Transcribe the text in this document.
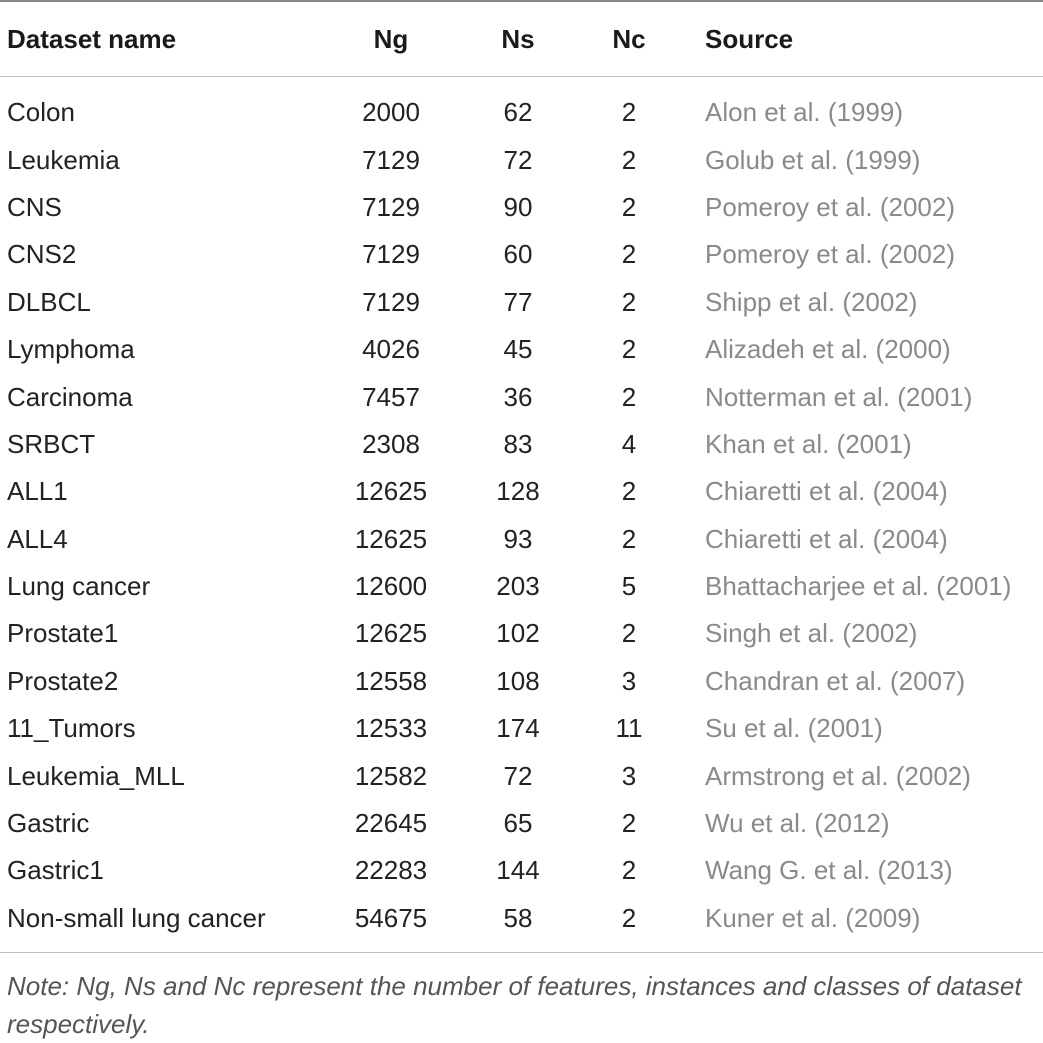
Dataset name	Ng	Ns	Nc	Source
Colon	2000	62	2	Alon et al. (1999)
Leukemia	7129	72	2	Golub et al. (1999)
CNS	7129	90	2	Pomeroy et al. (2002)
CNS2	7129	60	2	Pomeroy et al. (2002)
DLBCL	7129	77	2	Shipp et al. (2002)
Lymphoma	4026	45	2	Alizadeh et al. (2000)
Carcinoma	7457	36	2	Notterman et al. (2001)
SRBCT	2308	83	4	Khan et al. (2001)
ALL1	12625	128	2	Chiaretti et al. (2004)
ALL4	12625	93	2	Chiaretti et al. (2004)
Lung cancer	12600	203	5	Bhattacharjee et al. (2001)
Prostate1	12625	102	2	Singh et al. (2002)
Prostate2	12558	108	3	Chandran et al. (2007)
11_Tumors	12533	174	11	Su et al. (2001)
Leukemia_MLL	12582	72	3	Armstrong et al. (2002)
Gastric	22645	65	2	Wu et al. (2012)
Gastric1	22283	144	2	Wang G. et al. (2013)
Non-small lung cancer	54675	58	2	Kuner et al. (2009)
Note: Ng, Ns and Nc represent the number of features, instances and classes of dataset respectively.
